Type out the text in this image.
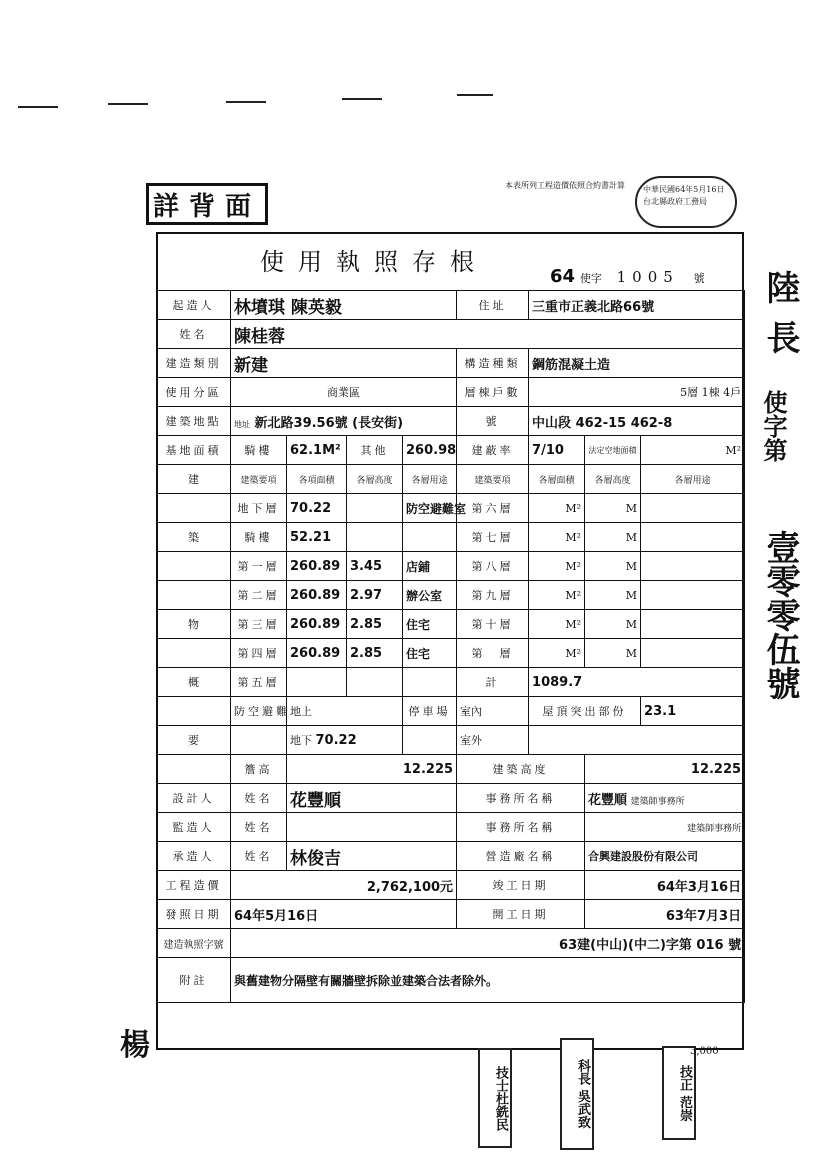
詳背面
本表所列工程造價依照合約書計算	中華民國64年5月16日 台北縣政府工務局
使用執照存根
64 使字 1005 號
起造人	林墳琪 陳英毅				住址	三重市正義北路66號		
姓名	陳桂蓉							
建造類別	新建				構造種類	鋼筋混凝土造		
使用分區	商業區				層棟戶數	5層 1棟 4戶		
建築地點	地址 新北路39.56號 (長安街)				號	中山段 462-15 462-8		
基地面積	騎樓	62.1M²	其他	260.98	建蔽率	7/10	法定空地面積	M²
建	建築要項	各項面積	各層高度	各層用途	建築要項	各層面積	各層高度	各層用途
	地下層	70.22		防空避難室	第六層	M²	M	
築	騎樓	52.21			第七層	M²	M	
	第一層	260.89	3.45	店鋪	第八層	M²	M	
	第二層	260.89	2.97	辦公室	第九層	M²	M	
物	第三層	260.89	2.85	住宅	第十層	M²	M	
	第四層	260.89	2.85	住宅	第　層	M²	M	
概	第五層				計	1089.7		
	防空避難	地上		停車場	室內	屋頂突出部份		23.1
要		地下 70.22			室外			
	簷高	12.225			建築高度		12.225	
設計人	姓名	花豐順			事務所名稱		花豐順 建築師事務所	
監造人	姓名				事務所名稱		建築師事務所	
承造人	姓名	林俊吉			營造廠名稱		合興建設股份有限公司	
工程造價	2,762,100元				竣工日期		64年3月16日	
發照日期	64年5月16日				開工日期		63年7月3日	
建造執照字號	63建(中山)(中二)字第 016 號							
附註	與舊建物分隔壁有關牆壁拆除並建築合法者除外。							
楊
技士杜銑民	科長 吳武致	技正 范崇
3,000
陸
長
使字第
壹零零伍號
